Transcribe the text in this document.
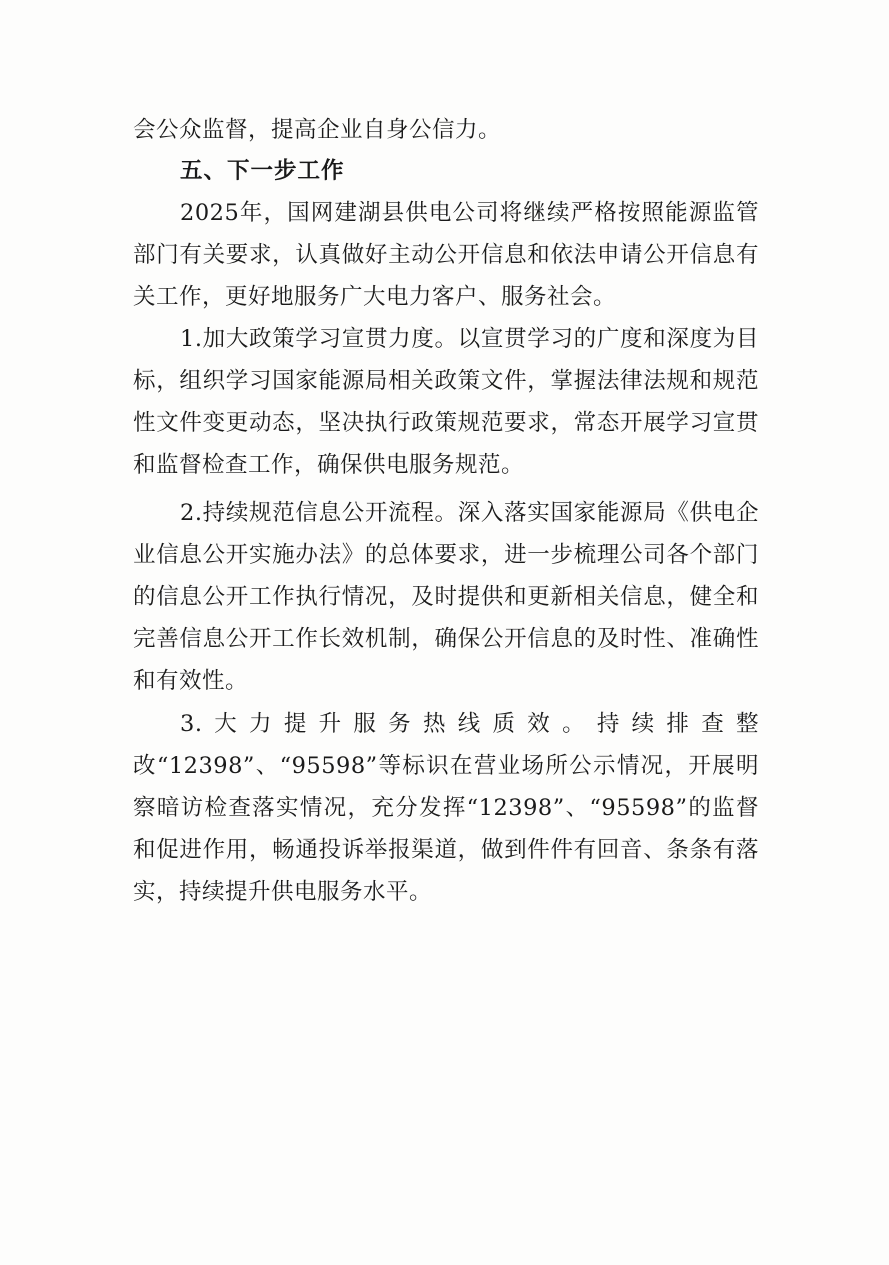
会公众监督，提高企业自身公信力。

五、下一步工作

2025年，国网建湖县供电公司将继续严格按照能源监管部门有关要求，认真做好主动公开信息和依法申请公开信息有关工作，更好地服务广大电力客户、服务社会。

1.加大政策学习宣贯力度。以宣贯学习的广度和深度为目标，组织学习国家能源局相关政策文件，掌握法律法规和规范性文件变更动态，坚决执行政策规范要求，常态开展学习宣贯和监督检查工作，确保供电服务规范。

2.持续规范信息公开流程。深入落实国家能源局《供电企业信息公开实施办法》的总体要求，进一步梳理公司各个部门的信息公开工作执行情况，及时提供和更新相关信息，健全和完善信息公开工作长效机制，确保公开信息的及时性、准确性和有效性。

3.大力提升服务热线质效。持续排查整改“12398”、“95598”等标识在营业场所公示情况，开展明察暗访检查落实情况，充分发挥“12398”、“95598”的监督和促进作用，畅通投诉举报渠道，做到件件有回音、条条有落实，持续提升供电服务水平。
